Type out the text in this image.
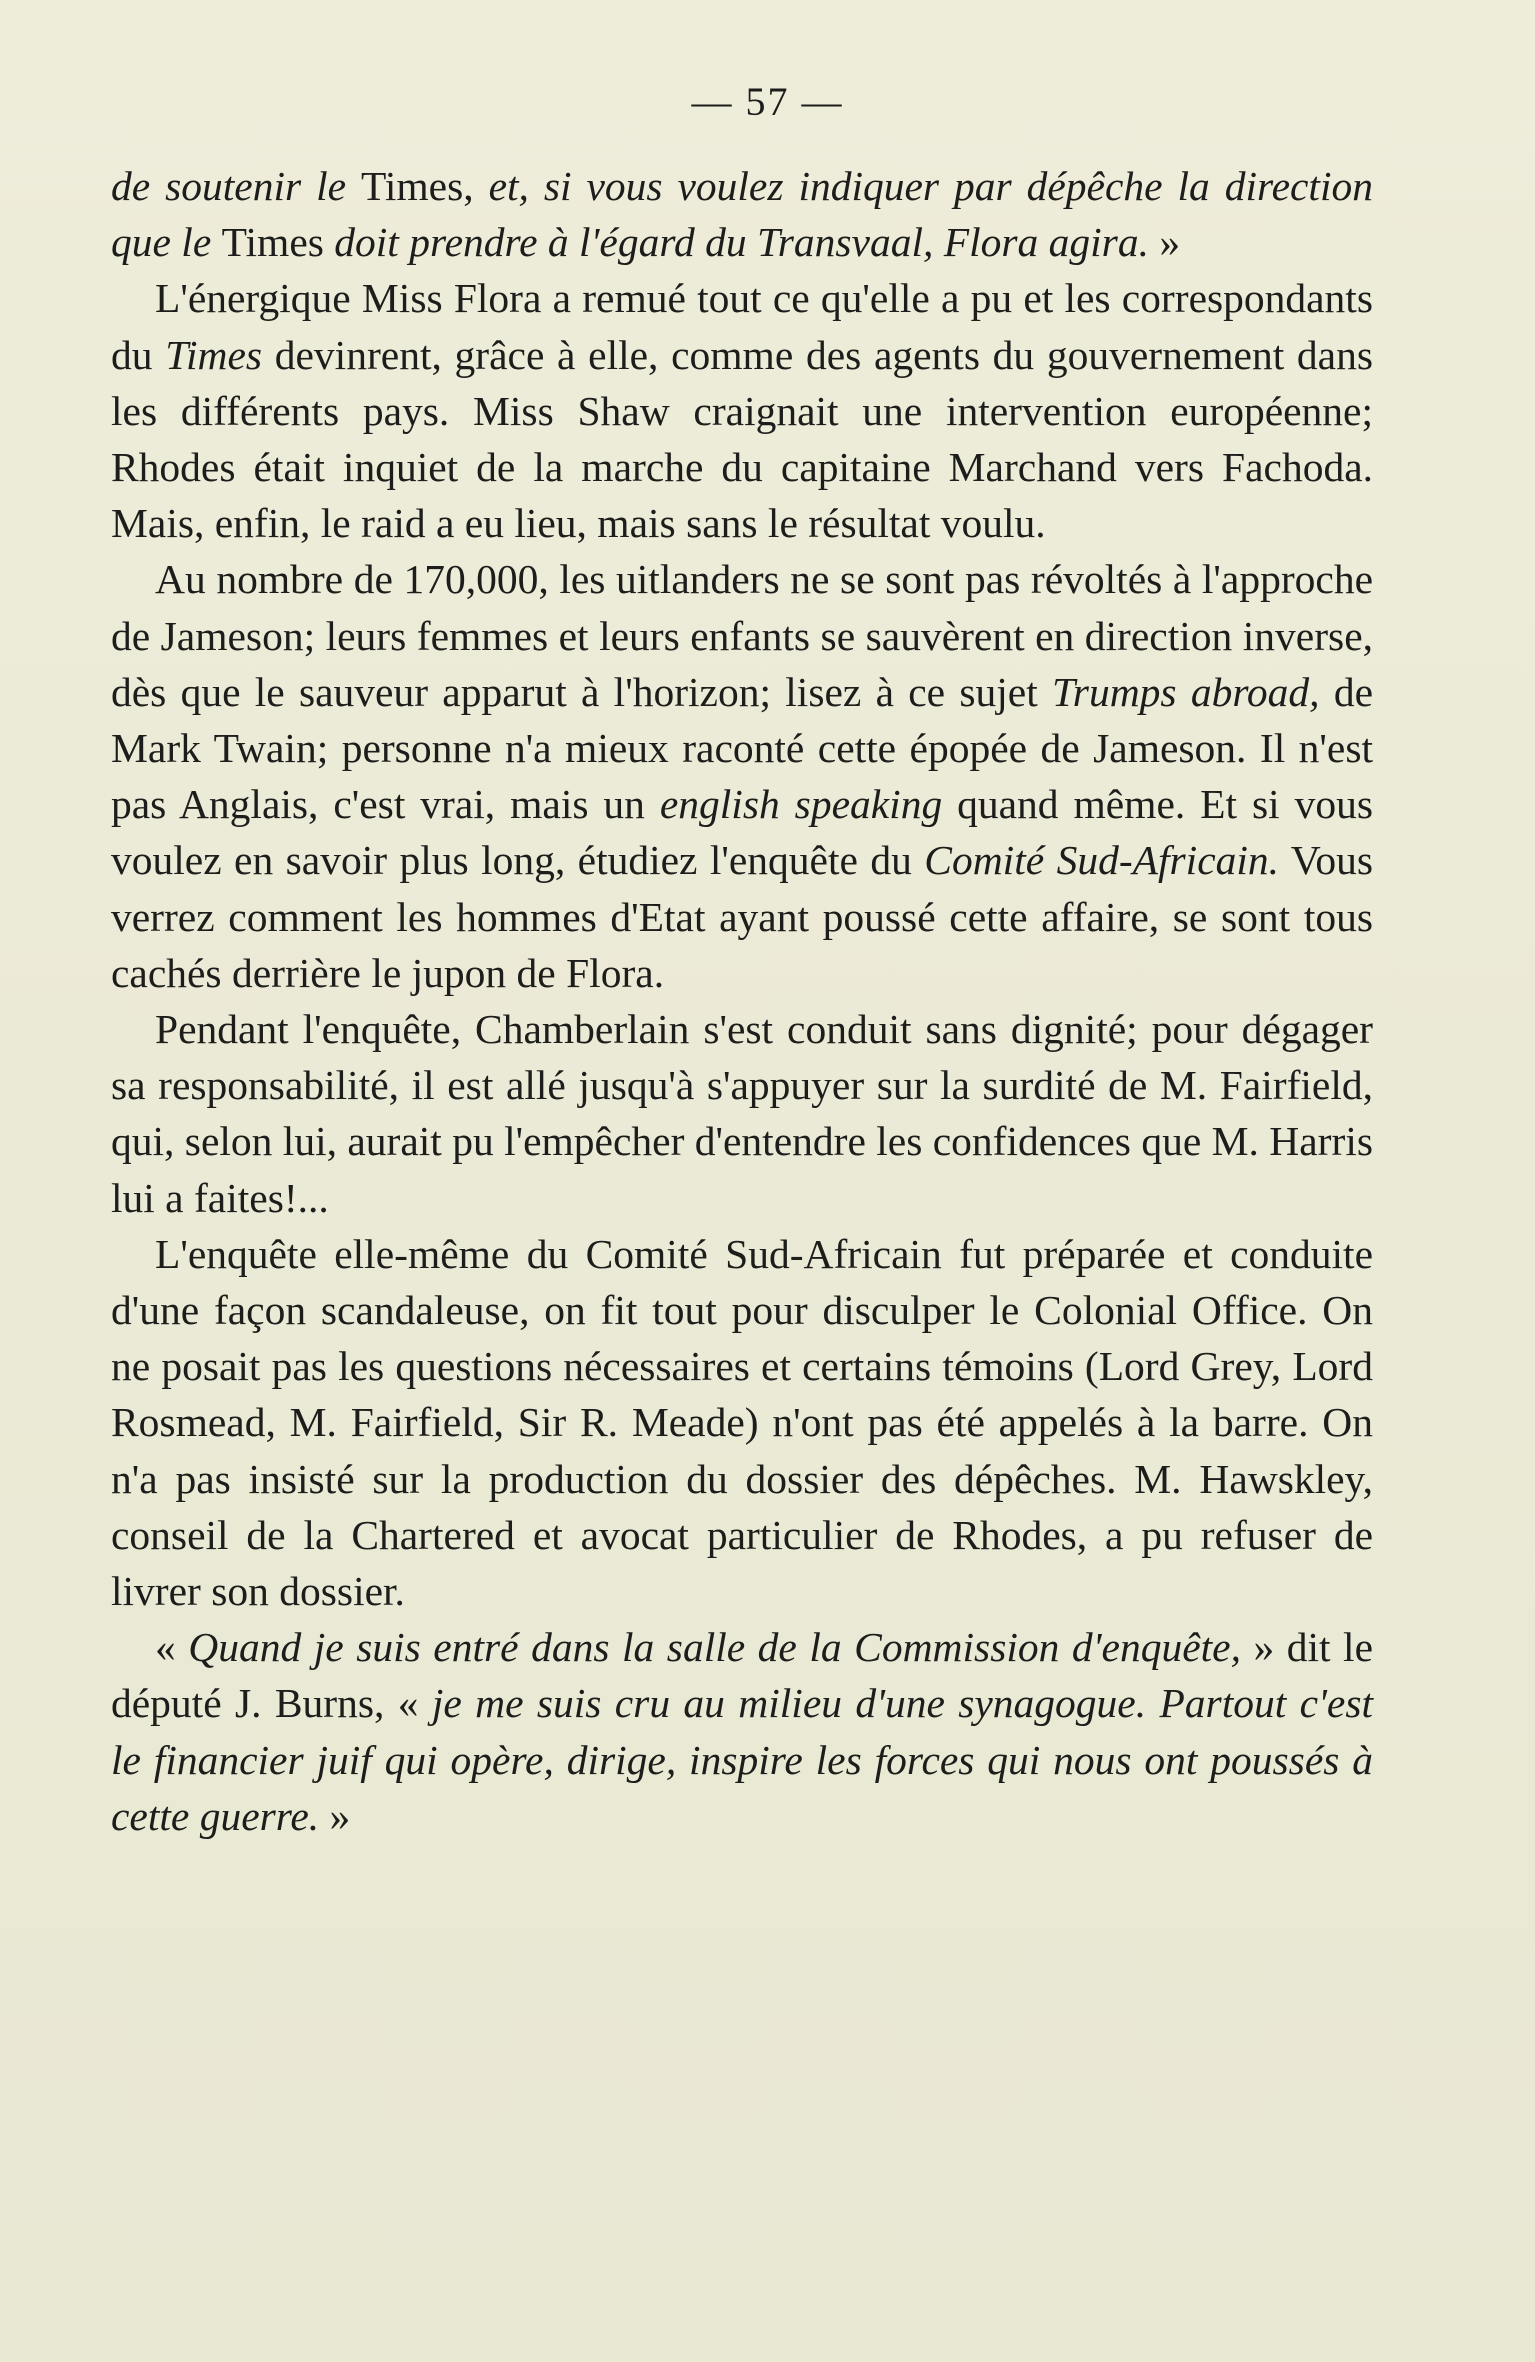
— 57 —

de soutenir le Times, et, si vous voulez indiquer par dépêche la direction que le Times doit prendre à l'égard du Transvaal, Flora agira. »

L'énergique Miss Flora a remué tout ce qu'elle a pu et les correspondants du Times devinrent, grâce à elle, comme des agents du gouvernement dans les différents pays. Miss Shaw craignait une intervention européenne; Rhodes était inquiet de la marche du capitaine Marchand vers Fachoda. Mais, enfin, le raid a eu lieu, mais sans le résultat voulu.

Au nombre de 170,000, les uitlanders ne se sont pas révoltés à l'approche de Jameson; leurs femmes et leurs enfants se sauvèrent en direction inverse, dès que le sauveur apparut à l'horizon; lisez à ce sujet Trumps abroad, de Mark Twain; personne n'a mieux raconté cette épopée de Jameson. Il n'est pas Anglais, c'est vrai, mais un english speaking quand même. Et si vous voulez en savoir plus long, étudiez l'enquête du Comité Sud-Africain. Vous verrez comment les hommes d'Etat ayant poussé cette affaire, se sont tous cachés derrière le jupon de Flora.

Pendant l'enquête, Chamberlain s'est conduit sans dignité; pour dégager sa responsabilité, il est allé jusqu'à s'appuyer sur la surdité de M. Fairfield, qui, selon lui, aurait pu l'empêcher d'entendre les confidences que M. Harris lui a faites!...

L'enquête elle-même du Comité Sud-Africain fut préparée et conduite d'une façon scandaleuse, on fit tout pour disculper le Colonial Office. On ne posait pas les questions nécessaires et certains témoins (Lord Grey, Lord Rosmead, M. Fairfield, Sir R. Meade) n'ont pas été appelés à la barre. On n'a pas insisté sur la production du dossier des dépêches. M. Hawskley, conseil de la Chartered et avocat particulier de Rhodes, a pu refuser de livrer son dossier.

« Quand je suis entré dans la salle de la Commission d'enquête, » dit le député J. Burns, « je me suis cru au milieu d'une synagogue. Partout c'est le financier juif qui opère, dirige, inspire les forces qui nous ont poussés à cette guerre. »
